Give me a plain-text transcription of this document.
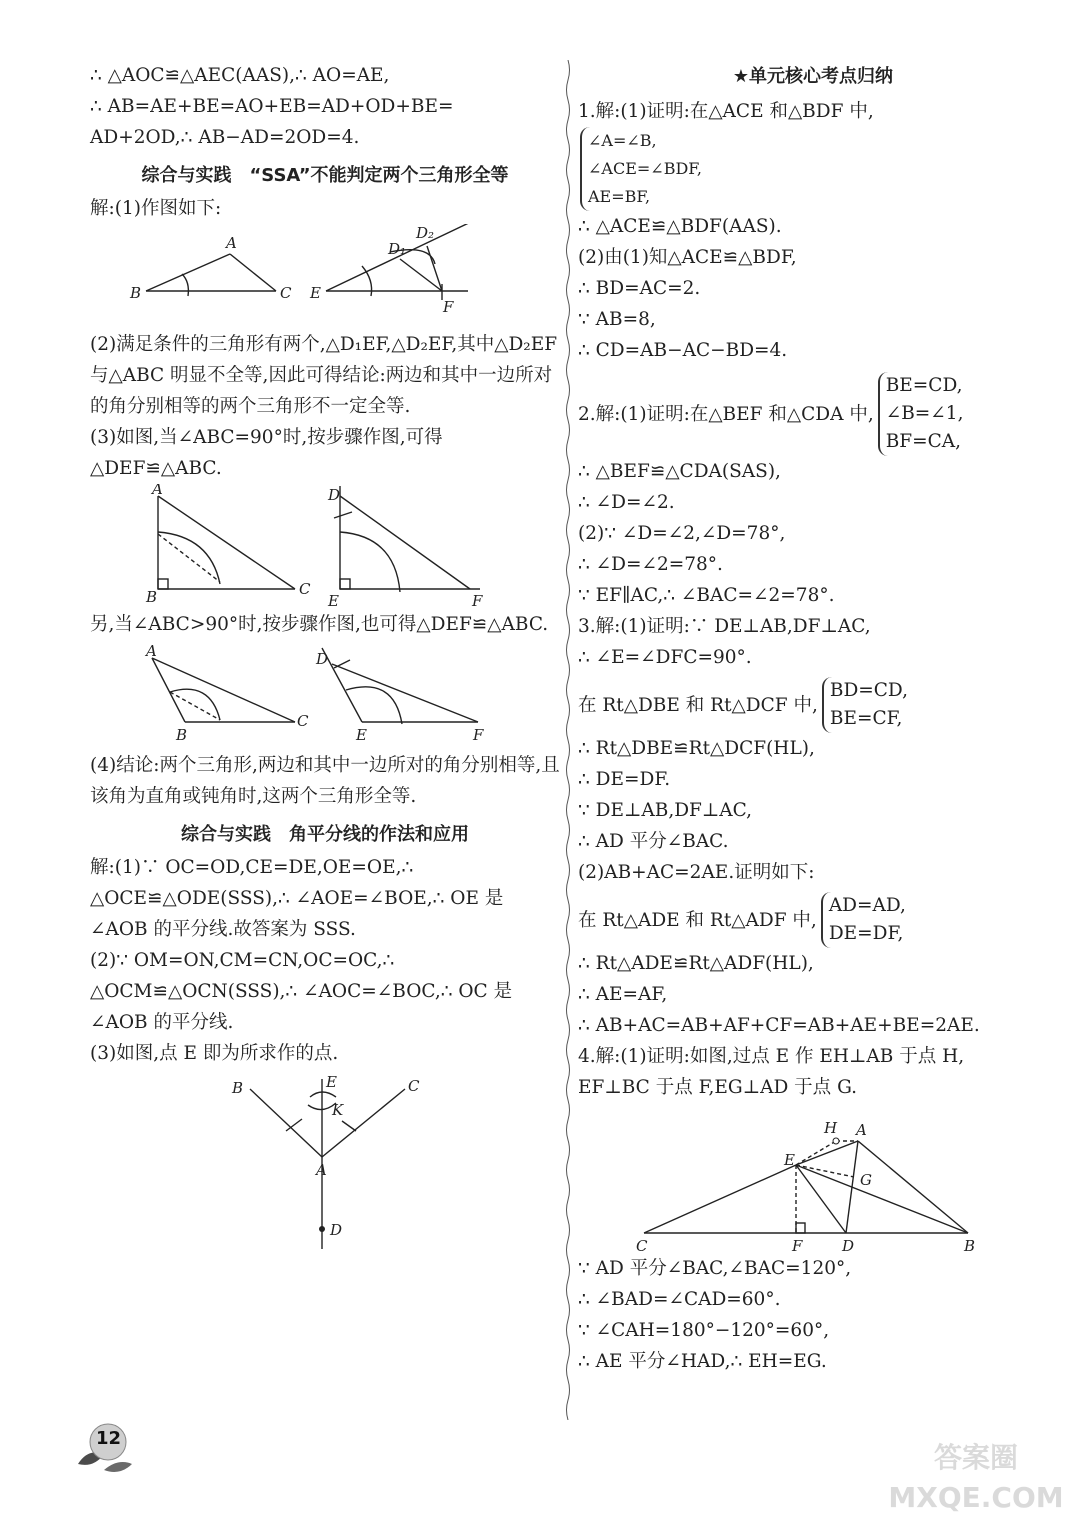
∴ △AOC≌△AEC(AAS),∴ AO=AE,
∴ AB=AE+BE=AO+EB=AD+OD+BE=
AD+2OD,∴ AB−AD=2OD=4.
综合与实践　“SSA”不能判定两个三角形全等
解:(1)作图如下:
B
A
C E
D₁
D₂
F
(2)满足条件的三角形有两个,△D₁EF,△D₂EF,其中△D₂EF 与△ABC 明显不全等,因此可得结论:两边和其中一边所对的角分别相等的两个三角形不一定全等.
(3)如图,当∠ABC=90°时,按步骤作图,可得△DEF≌△ABC.
A
B	C
D
E	F
另,当∠ABC>90°时,按步骤作图,也可得△DEF≌△ABC.
A
B
C
D
E	F
(4)结论:两个三角形,两边和其中一边所对的角分别相等,且该角为直角或钝角时,这两个三角形全等.
综合与实践　角平分线的作法和应用
解:(1)∵ OC=OD,CE=DE,OE=OE,∴ △OCE≌△ODE(SSS),∴ ∠AOE=∠BOE,∴ OE 是∠AOB 的平分线.故答案为 SSS.
(2)∵ OM=ON,CM=CN,OC=OC,∴ △OCM≌△OCN(SSS),∴ ∠AOC=∠BOC,∴ OC 是∠AOB 的平分线.
(3)如图,点 E 即为所求作的点.
B	C
E
K
A
D
★单元核心考点归纳
1.解:(1)证明:在△ACE 和△BDF 中,
∠A=∠B,
∠ACE=∠BDF,
AE=BF,
∴ △ACE≌△BDF(AAS).
(2)由(1)知△ACE≌△BDF,
∴ BD=AC=2.
∵ AB=8,
∴ CD=AB−AC−BD=4.
2.解:(1)证明:在△BEF 和△CDA 中,
BE=CD,
∠B=∠1,
BF=CA,
∴ △BEF≌△CDA(SAS),
∴ ∠D=∠2.
(2)∵ ∠D=∠2,∠D=78°,
∴ ∠D=∠2=78°.
∵ EF∥AC,∴ ∠BAC=∠2=78°.
3.解:(1)证明:∵ DE⊥AB,DF⊥AC,
∴ ∠E=∠DFC=90°.
在 Rt△DBE 和 Rt△DCF 中,
BD=CD,
BE=CF,
∴ Rt△DBE≌Rt△DCF(HL),
∴ DE=DF.
∵ DE⊥AB,DF⊥AC,
∴ AD 平分∠BAC.
(2)AB+AC=2AE.证明如下:
在 Rt△ADE 和 Rt△ADF 中,
AD=AD,
DE=DF,
∴ Rt△ADE≌Rt△ADF(HL),
∴ AE=AF,
∴ AB+AC=AB+AF+CF=AB+AE+BE=2AE.
4.解:(1)证明:如图,过点 E 作 EH⊥AB 于点 H,
EF⊥BC 于点 F,EG⊥AD 于点 G.
H A
E
G
C	F	D	B
∵ AD 平分∠BAC,∠BAC=120°,
∴ ∠BAD=∠CAD=60°.
∵ ∠CAH=180°−120°=60°,
∴ AE 平分∠HAD,∴ EH=EG.
12
答案圈 MXQE.COM
